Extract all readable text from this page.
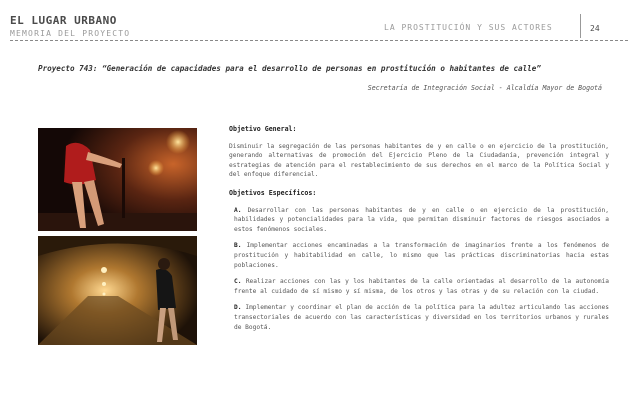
EL LUGAR URBANO
MEMORIA DEL PROYECTO
LA PROSTITUCIÓN Y SUS ACTORES	24
Proyecto 743: “Generación de capacidades para el desarrollo de personas en prostitución o habitantes de calle”
Secretaría de Integración Social - Alcaldía Mayor de Bogotá
Objetivo General:
Disminuir la segregación de las personas habitantes de y en calle o en ejercicio de la prostitución, generando alternativas de promoción del Ejercicio Pleno de la Ciudadanía, prevención integral y estrategias de atención para el restablecimiento de sus derechos en el marco de la Política Social y del enfoque diferencial.
Objetivos Específicos:
A. Desarrollar con las personas habitantes de y en calle o en ejercicio de la prostitución, habilidades y potencialidades para la vida, que permitan disminuir factores de riesgos asociados a estos fenómenos sociales.
B. Implementar acciones encaminadas a la transformación de imaginarios frente a los fenómenos de prostitución y habitabilidad en calle, lo mismo que las prácticas discriminatorias hacia estas poblaciones.
C. Realizar acciones con las y los habitantes de la calle orientadas al desarrollo de la autonomía frente al cuidado de sí mismo y sí misma, de los otros y las otras y de su relación con la ciudad.
D. Implementar y coordinar el plan de acción de la política para la adultez articulando las acciones transectoriales de acuerdo con las características y diversidad en los territorios urbanos y rurales de Bogotá.
